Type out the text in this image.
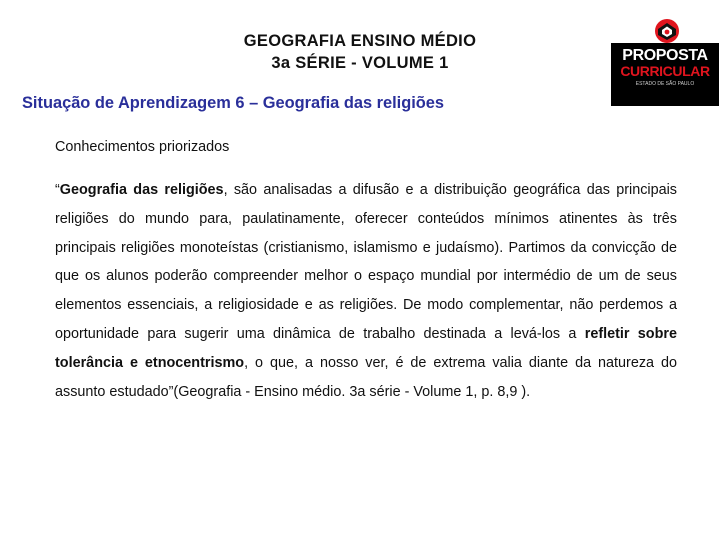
GEOGRAFIA ENSINO MÉDIO
3a SÉRIE - VOLUME 1	PROPOSTA
CURRICULAR
ESTADO DE SÃO PAULO
Situação de Aprendizagem 6 – Geografia das religiões
Conhecimentos priorizados
“Geografia das religiões, são analisadas a difusão e a distribuição geográfica das principais religiões do mundo para, paulatinamente, oferecer conteúdos mínimos atinentes às três principais religiões monoteístas (cristianismo, islamismo e judaísmo). Partimos da convicção de que os alunos poderão compreender melhor o espaço mundial por intermédio de um de seus elementos essenciais, a religiosidade e as religiões. De modo complementar, não perdemos a oportunidade para sugerir uma dinâmica de trabalho destinada a levá-los a refletir sobre tolerância e etnocentrismo, o que, a nosso ver, é de extrema valia diante da natureza do assunto estudado”(Geografia - Ensino médio. 3a série - Volume 1, p. 8,9 ).
